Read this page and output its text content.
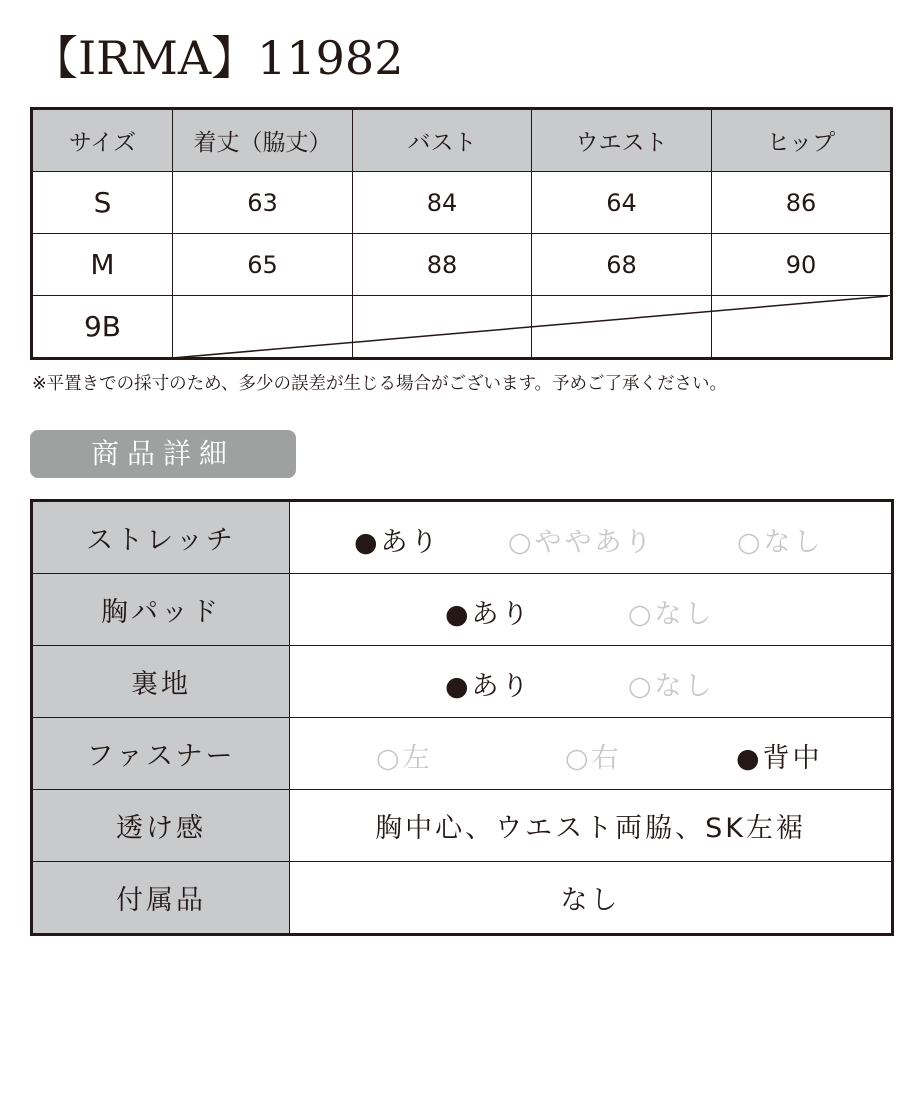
【IRMA】11982
サイズ	着丈（脇丈）	バスト	ウエスト	ヒップ
S	63	84	64	86
M	65	88	68	90
9B				
※平置きでの採寸のため、多少の誤差が生じる場合がございます。予めご了承ください。
商品詳細
ストレッチ	●あり ○ややあり ○なし

胸パッド	●あり ○なし

裏地	●あり ○なし

ファスナー	○左 ○右 ●背中

透け感	胸中心、ウエスト両脇、SK左裾
付属品	なし
